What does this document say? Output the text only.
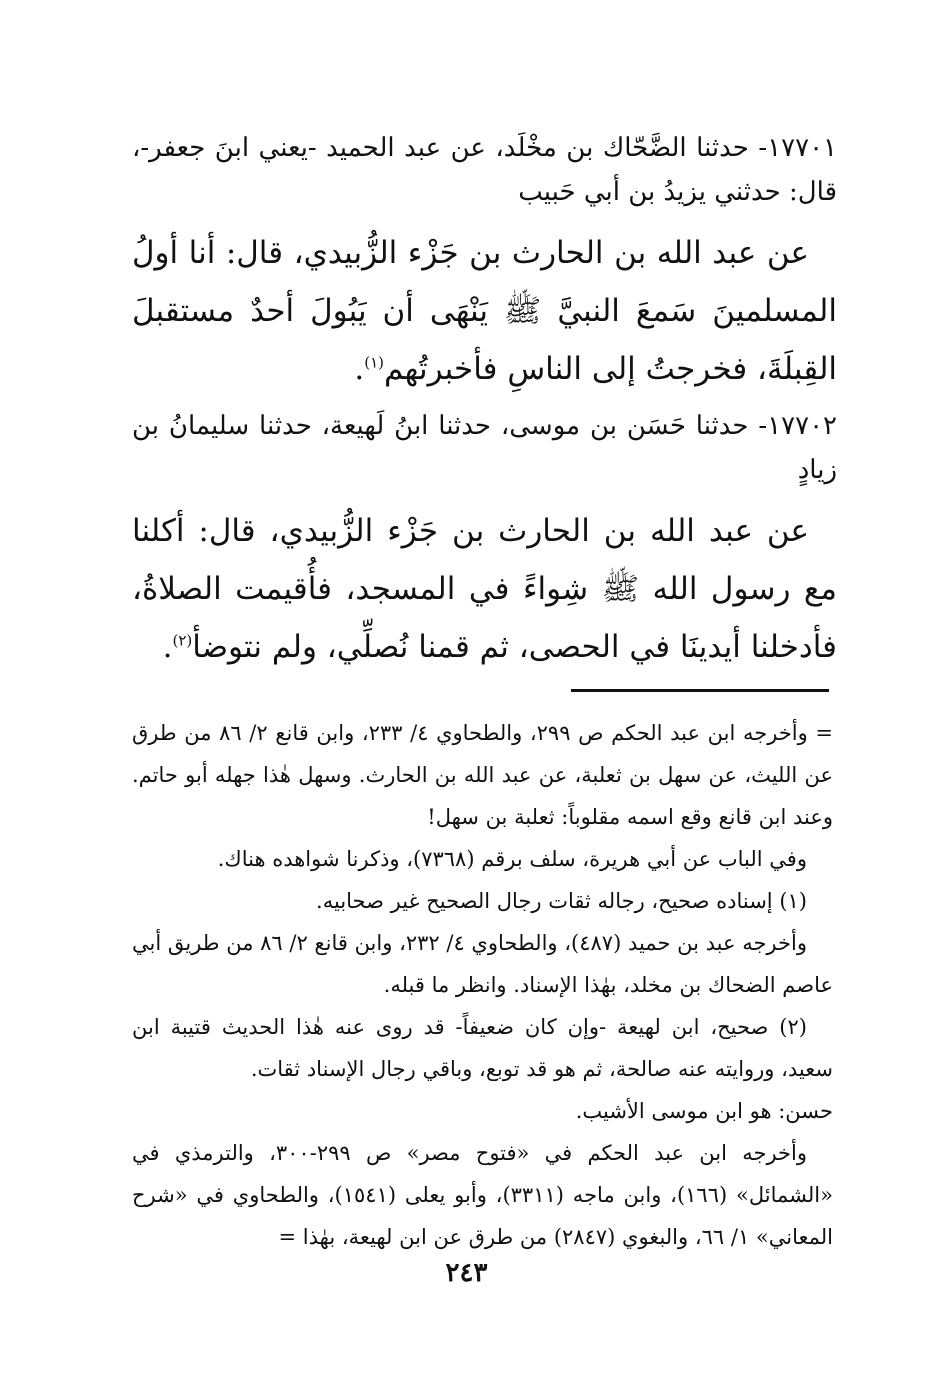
١٧٧٠١- حدثنا الضَّحّاك بن مخْلَد، عن عبد الحميد -يعني ابنَ جعفر-، قال: حدثني يزيدُ بن أبي حَبيب

عن عبد الله بن الحارث بن جَزْء الزُّبيدي، قال: أنا أولُ المسلمينَ سَمعَ النبيَّ ﷺ يَنْهَى أن يَبُولَ أحدٌ مستقبلَ القِبلَةَ، فخرجتُ إلى الناسِ فأخبرتُهم$^{(١)}$.

١٧٧٠٢- حدثنا حَسَن بن موسى، حدثنا ابنُ لَهيعة، حدثنا سليمانُ بن زيادٍ

عن عبد الله بن الحارث بن جَزْء الزُّبيدي، قال: أكلنا مع رسول الله ﷺ شِواءً في المسجد، فأُقيمت الصلاةُ، فأدخلنا أيدينَا في الحصى، ثم قمنا نُصلِّي، ولم نتوضأ$^{(٢)}$.

= وأخرجه ابن عبد الحكم ص ٢٩٩، والطحاوي ٤/ ٢٣٣، وابن قانع ٢/ ٨٦ من طرق عن الليث، عن سهل بن ثعلبة، عن عبد الله بن الحارث. وسهل هٰذا جهله أبو حاتم. وعند ابن قانع وقع اسمه مقلوباً: ثعلبة بن سهل!

وفي الباب عن أبي هريرة، سلف برقم (٧٣٦٨)، وذكرنا شواهده هناك.

(١) إسناده صحيح، رجاله ثقات رجال الصحيح غير صحابيه.

وأخرجه عبد بن حميد (٤٨٧)، والطحاوي ٤/ ٢٣٢، وابن قانع ٢/ ٨٦ من طريق أبي عاصم الضحاك بن مخلد، بهٰذا الإسناد. وانظر ما قبله.

(٢) صحيح، ابن لهيعة -وإن كان ضعيفاً- قد روى عنه هٰذا الحديث قتيبة ابن سعيد، وروايته عنه صالحة، ثم هو قد توبع، وباقي رجال الإسناد ثقات.

حسن: هو ابن موسى الأشيب.

وأخرجه ابن عبد الحكم في «فتوح مصر» ص ٢٩٩-٣٠٠، والترمذي في «الشمائل» (١٦٦)، وابن ماجه (٣٣١١)، وأبو يعلى (١٥٤١)، والطحاوي في «شرح المعاني» ١/ ٦٦، والبغوي (٢٨٤٧) من طرق عن ابن لهيعة، بهٰذا =

٢٤٣
